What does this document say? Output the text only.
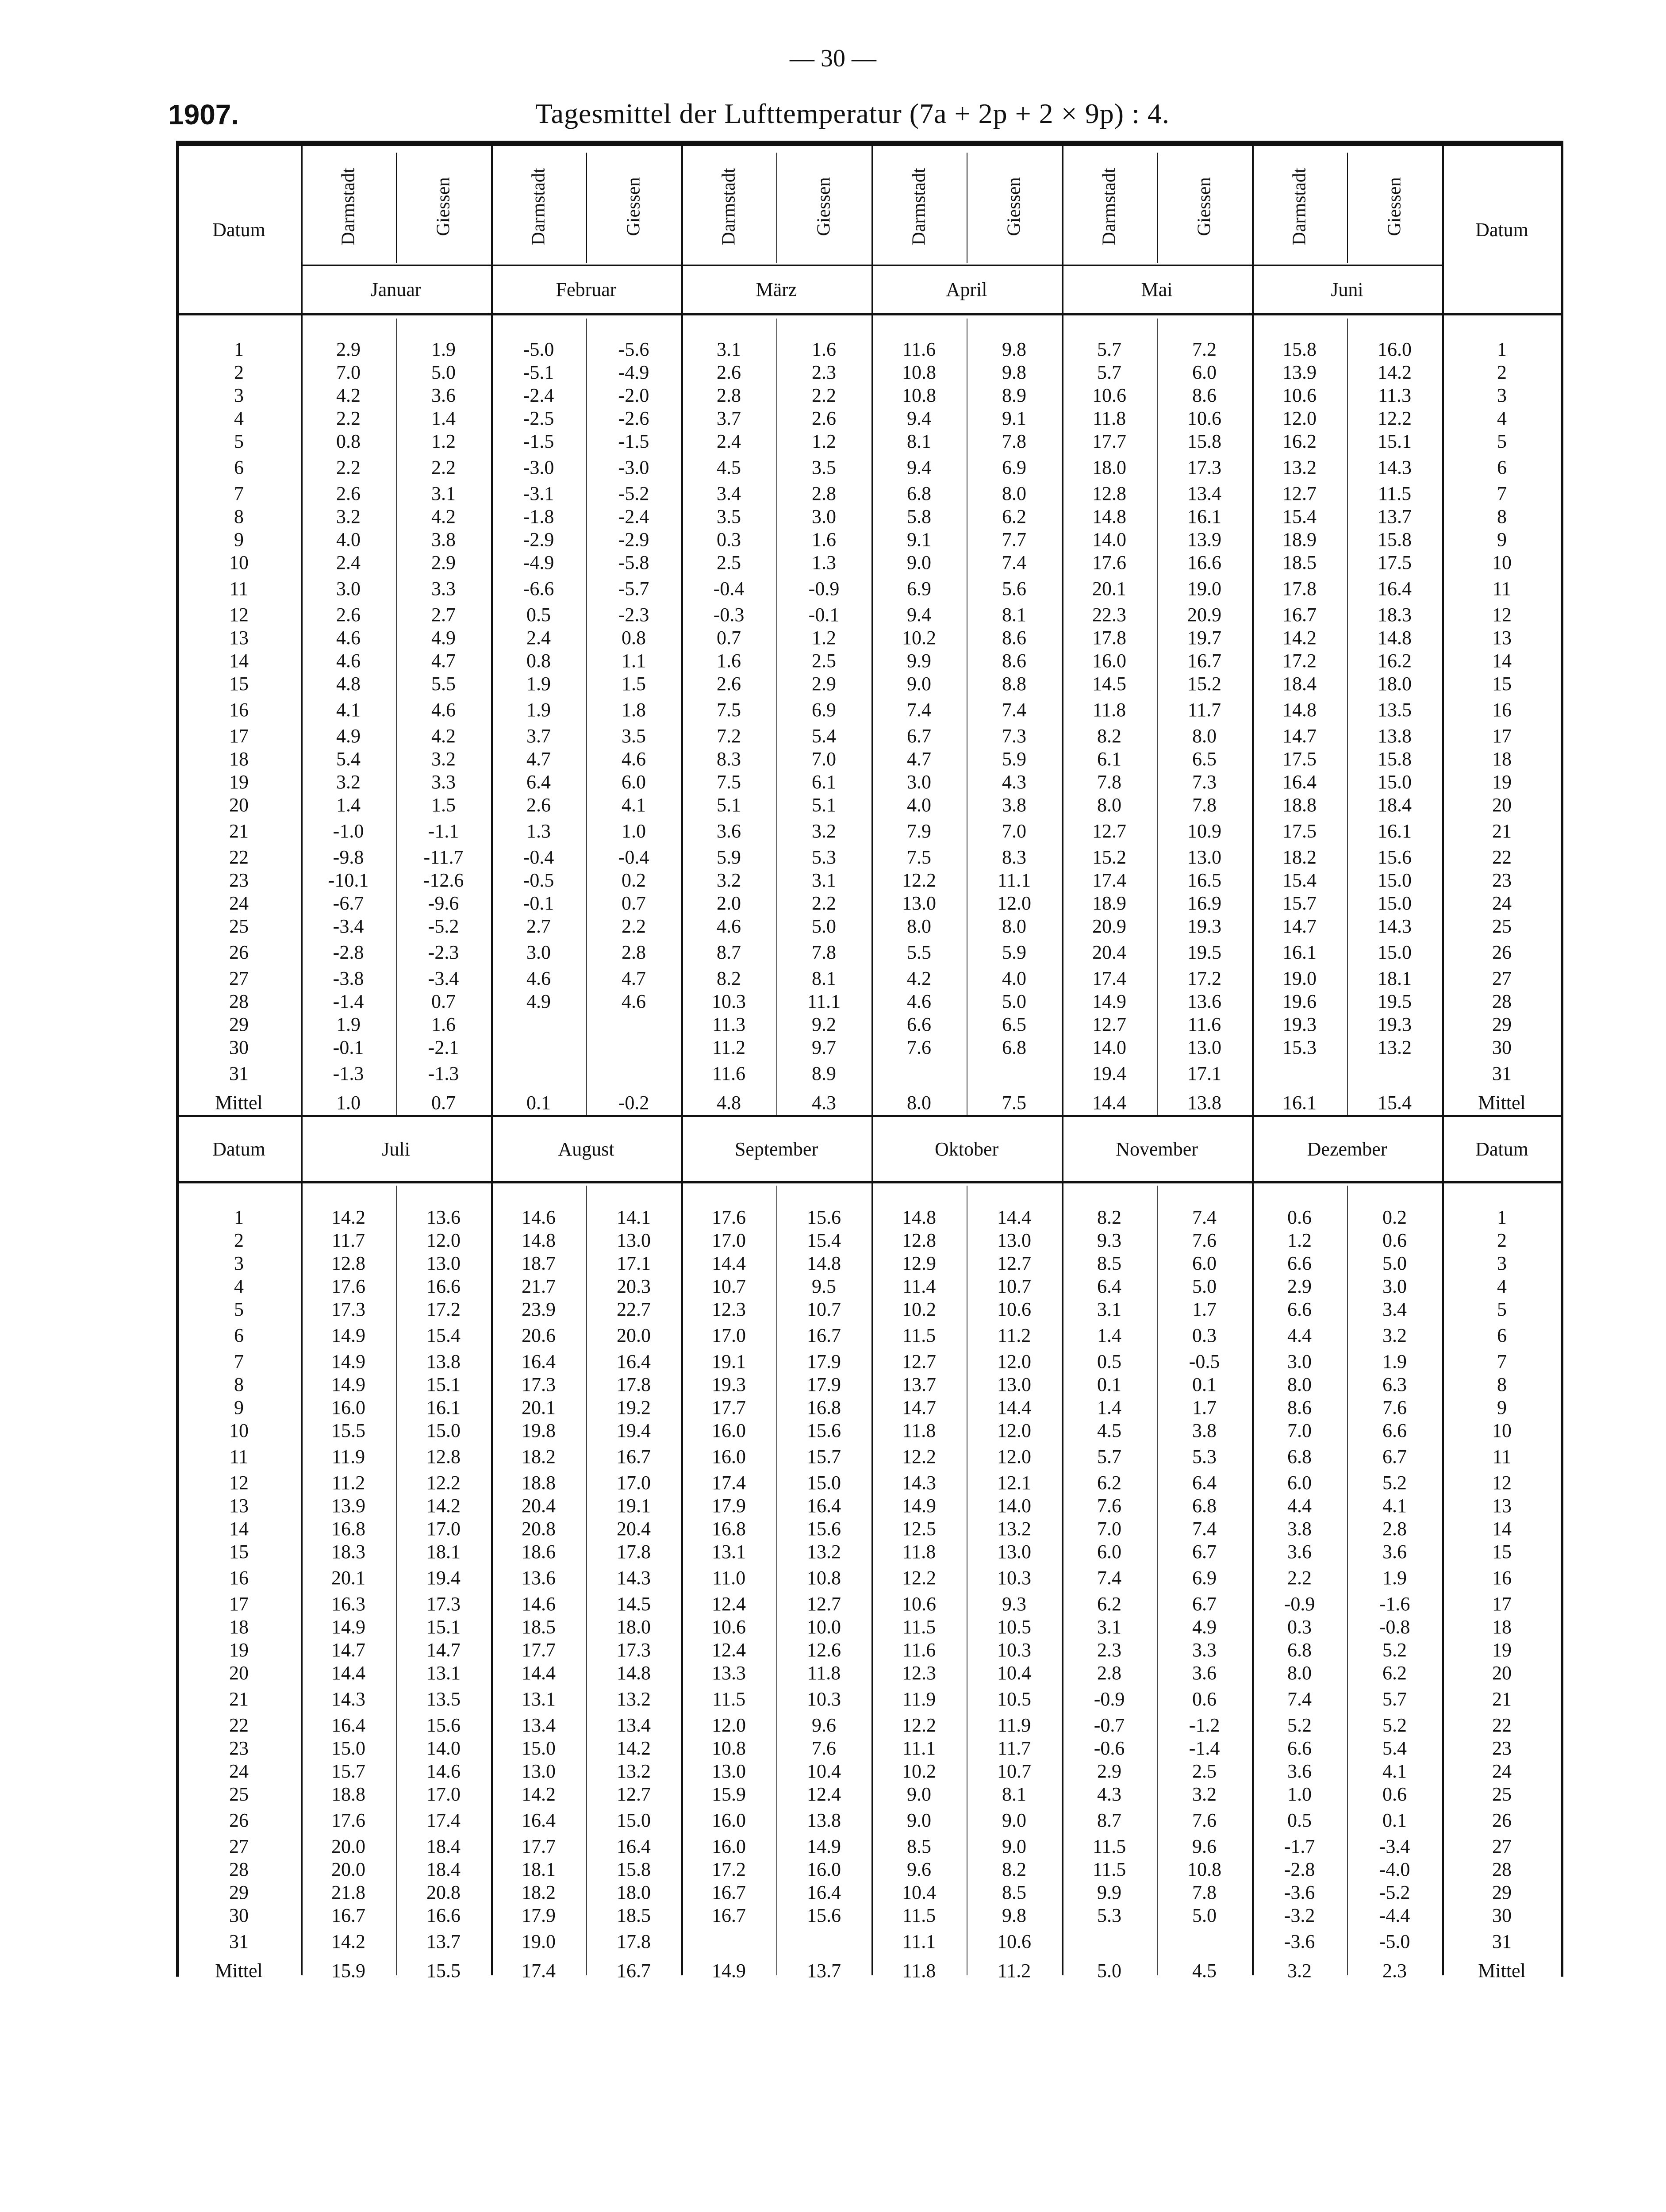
— 30 —
1907.	Tagesmittel der Lufttemperatur (7a + 2p + 2 × 9p) : 4.
Datum	Darmstadt	Giessen	Darmstadt	Giessen	Darmstadt	Giessen	Darmstadt	Giessen	Darmstadt	Giessen	Darmstadt	Giessen	Datum
	Januar		Februar		März		April		Mai		Juni		

1	2.9	1.9	-5.0	-5.6	3.1	1.6	11.6	9.8	5.7	7.2	15.8	16.0	1
2	7.0	5.0	-5.1	-4.9	2.6	2.3	10.8	9.8	5.7	6.0	13.9	14.2	2
3	4.2	3.6	-2.4	-2.0	2.8	2.2	10.8	8.9	10.6	8.6	10.6	11.3	3
4	2.2	1.4	-2.5	-2.6	3.7	2.6	9.4	9.1	11.8	10.6	12.0	12.2	4
5	0.8	1.2	-1.5	-1.5	2.4	1.2	8.1	7.8	17.7	15.8	16.2	15.1	5
6	2.2	2.2	-3.0	-3.0	4.5	3.5	9.4	6.9	18.0	17.3	13.2	14.3	6
7	2.6	3.1	-3.1	-5.2	3.4	2.8	6.8	8.0	12.8	13.4	12.7	11.5	7
8	3.2	4.2	-1.8	-2.4	3.5	3.0	5.8	6.2	14.8	16.1	15.4	13.7	8
9	4.0	3.8	-2.9	-2.9	0.3	1.6	9.1	7.7	14.0	13.9	18.9	15.8	9
10	2.4	2.9	-4.9	-5.8	2.5	1.3	9.0	7.4	17.6	16.6	18.5	17.5	10
11	3.0	3.3	-6.6	-5.7	-0.4	-0.9	6.9	5.6	20.1	19.0	17.8	16.4	11
12	2.6	2.7	0.5	-2.3	-0.3	-0.1	9.4	8.1	22.3	20.9	16.7	18.3	12
13	4.6	4.9	2.4	0.8	0.7	1.2	10.2	8.6	17.8	19.7	14.2	14.8	13
14	4.6	4.7	0.8	1.1	1.6	2.5	9.9	8.6	16.0	16.7	17.2	16.2	14
15	4.8	5.5	1.9	1.5	2.6	2.9	9.0	8.8	14.5	15.2	18.4	18.0	15
16	4.1	4.6	1.9	1.8	7.5	6.9	7.4	7.4	11.8	11.7	14.8	13.5	16
17	4.9	4.2	3.7	3.5	7.2	5.4	6.7	7.3	8.2	8.0	14.7	13.8	17
18	5.4	3.2	4.7	4.6	8.3	7.0	4.7	5.9	6.1	6.5	17.5	15.8	18
19	3.2	3.3	6.4	6.0	7.5	6.1	3.0	4.3	7.8	7.3	16.4	15.0	19
20	1.4	1.5	2.6	4.1	5.1	5.1	4.0	3.8	8.0	7.8	18.8	18.4	20
21	-1.0	-1.1	1.3	1.0	3.6	3.2	7.9	7.0	12.7	10.9	17.5	16.1	21
22	-9.8	-11.7	-0.4	-0.4	5.9	5.3	7.5	8.3	15.2	13.0	18.2	15.6	22
23	-10.1	-12.6	-0.5	0.2	3.2	3.1	12.2	11.1	17.4	16.5	15.4	15.0	23
24	-6.7	-9.6	-0.1	0.7	2.0	2.2	13.0	12.0	18.9	16.9	15.7	15.0	24
25	-3.4	-5.2	2.7	2.2	4.6	5.0	8.0	8.0	20.9	19.3	14.7	14.3	25
26	-2.8	-2.3	3.0	2.8	8.7	7.8	5.5	5.9	20.4	19.5	16.1	15.0	26
27	-3.8	-3.4	4.6	4.7	8.2	8.1	4.2	4.0	17.4	17.2	19.0	18.1	27
28	-1.4	0.7	4.9	4.6	10.3	11.1	4.6	5.0	14.9	13.6	19.6	19.5	28
29	1.9	1.6			11.3	9.2	6.6	6.5	12.7	11.6	19.3	19.3	29
30	-0.1	-2.1			11.2	9.7	7.6	6.8	14.0	13.0	15.3	13.2	30
31	-1.3	-1.3			11.6	8.9			19.4	17.1			31
Mittel	1.0	0.7	0.1	-0.2	4.8	4.3	8.0	7.5	14.4	13.8	16.1	15.4	Mittel
Datum	Juli		August		September		Oktober		November		Dezember		Datum

1	14.2	13.6	14.6	14.1	17.6	15.6	14.8	14.4	8.2	7.4	0.6	0.2	1
2	11.7	12.0	14.8	13.0	17.0	15.4	12.8	13.0	9.3	7.6	1.2	0.6	2
3	12.8	13.0	18.7	17.1	14.4	14.8	12.9	12.7	8.5	6.0	6.6	5.0	3
4	17.6	16.6	21.7	20.3	10.7	9.5	11.4	10.7	6.4	5.0	2.9	3.0	4
5	17.3	17.2	23.9	22.7	12.3	10.7	10.2	10.6	3.1	1.7	6.6	3.4	5
6	14.9	15.4	20.6	20.0	17.0	16.7	11.5	11.2	1.4	0.3	4.4	3.2	6
7	14.9	13.8	16.4	16.4	19.1	17.9	12.7	12.0	0.5	-0.5	3.0	1.9	7
8	14.9	15.1	17.3	17.8	19.3	17.9	13.7	13.0	0.1	0.1	8.0	6.3	8
9	16.0	16.1	20.1	19.2	17.7	16.8	14.7	14.4	1.4	1.7	8.6	7.6	9
10	15.5	15.0	19.8	19.4	16.0	15.6	11.8	12.0	4.5	3.8	7.0	6.6	10
11	11.9	12.8	18.2	16.7	16.0	15.7	12.2	12.0	5.7	5.3	6.8	6.7	11
12	11.2	12.2	18.8	17.0	17.4	15.0	14.3	12.1	6.2	6.4	6.0	5.2	12
13	13.9	14.2	20.4	19.1	17.9	16.4	14.9	14.0	7.6	6.8	4.4	4.1	13
14	16.8	17.0	20.8	20.4	16.8	15.6	12.5	13.2	7.0	7.4	3.8	2.8	14
15	18.3	18.1	18.6	17.8	13.1	13.2	11.8	13.0	6.0	6.7	3.6	3.6	15
16	20.1	19.4	13.6	14.3	11.0	10.8	12.2	10.3	7.4	6.9	2.2	1.9	16
17	16.3	17.3	14.6	14.5	12.4	12.7	10.6	9.3	6.2	6.7	-0.9	-1.6	17
18	14.9	15.1	18.5	18.0	10.6	10.0	11.5	10.5	3.1	4.9	0.3	-0.8	18
19	14.7	14.7	17.7	17.3	12.4	12.6	11.6	10.3	2.3	3.3	6.8	5.2	19
20	14.4	13.1	14.4	14.8	13.3	11.8	12.3	10.4	2.8	3.6	8.0	6.2	20
21	14.3	13.5	13.1	13.2	11.5	10.3	11.9	10.5	-0.9	0.6	7.4	5.7	21
22	16.4	15.6	13.4	13.4	12.0	9.6	12.2	11.9	-0.7	-1.2	5.2	5.2	22
23	15.0	14.0	15.0	14.2	10.8	7.6	11.1	11.7	-0.6	-1.4	6.6	5.4	23
24	15.7	14.6	13.0	13.2	13.0	10.4	10.2	10.7	2.9	2.5	3.6	4.1	24
25	18.8	17.0	14.2	12.7	15.9	12.4	9.0	8.1	4.3	3.2	1.0	0.6	25
26	17.6	17.4	16.4	15.0	16.0	13.8	9.0	9.0	8.7	7.6	0.5	0.1	26
27	20.0	18.4	17.7	16.4	16.0	14.9	8.5	9.0	11.5	9.6	-1.7	-3.4	27
28	20.0	18.4	18.1	15.8	17.2	16.0	9.6	8.2	11.5	10.8	-2.8	-4.0	28
29	21.8	20.8	18.2	18.0	16.7	16.4	10.4	8.5	9.9	7.8	-3.6	-5.2	29
30	16.7	16.6	17.9	18.5	16.7	15.6	11.5	9.8	5.3	5.0	-3.2	-4.4	30
31	14.2	13.7	19.0	17.8			11.1	10.6			-3.6	-5.0	31
Mittel	15.9	15.5	17.4	16.7	14.9	13.7	11.8	11.2	5.0	4.5	3.2	2.3	Mittel
